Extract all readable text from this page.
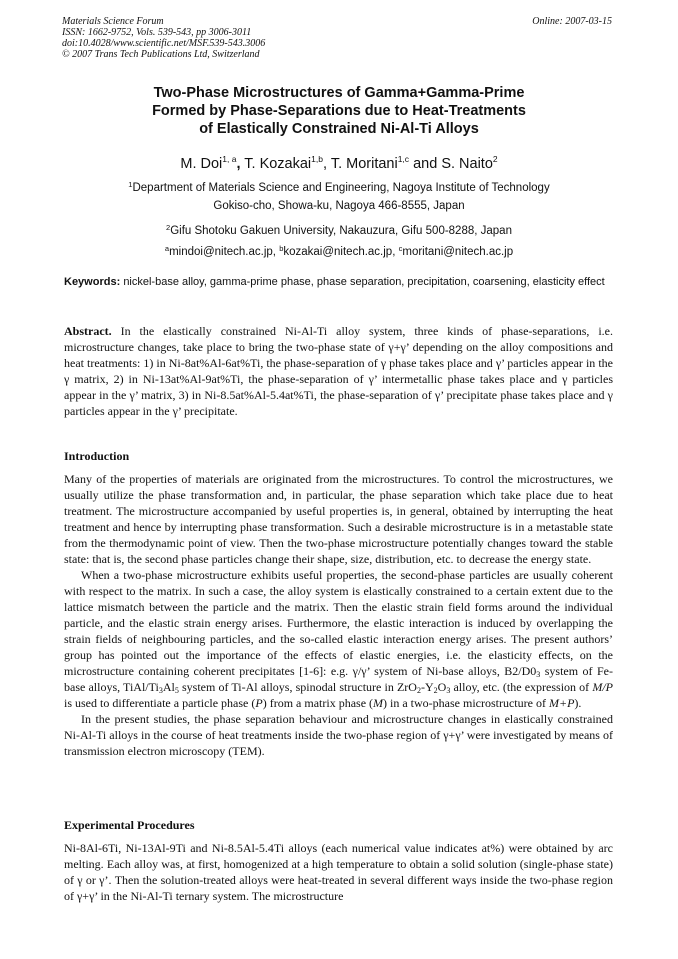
Materials Science Forum
ISSN: 1662-9752, Vols. 539-543, pp 3006-3011
doi:10.4028/www.scientific.net/MSF.539-543.3006
© 2007 Trans Tech Publications Ltd, Switzerland
Online: 2007-03-15
Two-Phase Microstructures of Gamma+Gamma-Prime
Formed by Phase-Separations due to Heat-Treatments
of Elastically Constrained Ni-Al-Ti Alloys
M. Doi$^{1, a}$, T. Kozakai$^{1,b}$, T. Moritani$^{1,c}$ and S. Naito$^2$
$^1$Department of Materials Science and Engineering, Nagoya Institute of Technology
Gokiso-cho, Showa-ku, Nagoya 466-8555, Japan
$^2$Gifu Shotoku Gakuen University, Nakauzura, Gifu 500-8288, Japan
$^a$mindoi@nitech.ac.jp, $^b$kozakai@nitech.ac.jp, $^c$moritani@nitech.ac.jp
Keywords: nickel-base alloy, gamma-prime phase, phase separation, precipitation, coarsening, elasticity effect

Abstract. In the elastically constrained Ni-Al-Ti alloy system, three kinds of phase-separations, i.e. microstructure changes, take place to bring the two-phase state of γ+γ’ depending on the alloy compositions and heat treatments: 1) in Ni-8at%Al-6at%Ti, the phase-separation of γ phase takes place and γ’ particles appear in the γ matrix, 2) in Ni-13at%Al-9at%Ti, the phase-separation of γ’ intermetallic phase takes place and γ particles appear in the γ’ matrix, 3) in Ni-8.5at%Al-5.4at%Ti, the phase-separation of γ’ precipitate phase takes place and γ particles appear in the γ’ precipitate.

Introduction

Many of the properties of materials are originated from the microstructures. To control the microstructures, we usually utilize the phase transformation and, in particular, the phase separation which take place due to heat treatment. The microstructure accompanied by useful properties is, in general, obtained by interrupting the heat treatment and hence by interrupting phase transformation. Such a desirable microstructure is in a metastable state from the thermodynamic point of view. Then the two-phase microstructure potentially changes toward the stable state: that is, the second phase particles change their shape, size, distribution, etc. to decrease the energy state.

When a two-phase microstructure exhibits useful properties, the second-phase particles are usually coherent with respect to the matrix. In such a case, the alloy system is elastically constrained to a certain extent due to the lattice mismatch between the particle and the matrix. Then the elastic strain field forms around the individual particle, and the elastic strain energy arises. Furthermore, the elastic interaction is induced by overlapping the strain fields of neighbouring particles, and the so-called elastic interaction energy arises. The present authors’ group has pointed out the importance of the effects of elastic energies, i.e. the elasticity effects, on the microstructure containing coherent precipitates [1-6]: e.g. γ/γ’ system of Ni-base alloys, $B2/D0_3$ system of Fe-base alloys, TiAl/$Ti_3Al_5$ system of Ti-Al alloys, spinodal structure in $ZrO_2-Y_2O_3$ alloy, etc. (the expression of M/P is used to differentiate a particle phase (P) from a matrix phase (M) in a two-phase microstructure of M+P).

In the present studies, the phase separation behaviour and microstructure changes in elastically constrained Ni-Al-Ti alloys in the course of heat treatments inside the two-phase region of γ+γ’ were investigated by means of transmission electron microscopy (TEM).

Experimental Procedures

Ni-8Al-6Ti, Ni-13Al-9Ti and Ni-8.5Al-5.4Ti alloys (each numerical value indicates at%) were obtained by arc melting. Each alloy was, at first, homogenized at a high temperature to obtain a solid solution (single-phase state) of γ or γ’. Then the solution-treated alloys were heat-treated in several different ways inside the two-phase region of γ+γ’ in the Ni-Al-Ti ternary system. The microstructure
